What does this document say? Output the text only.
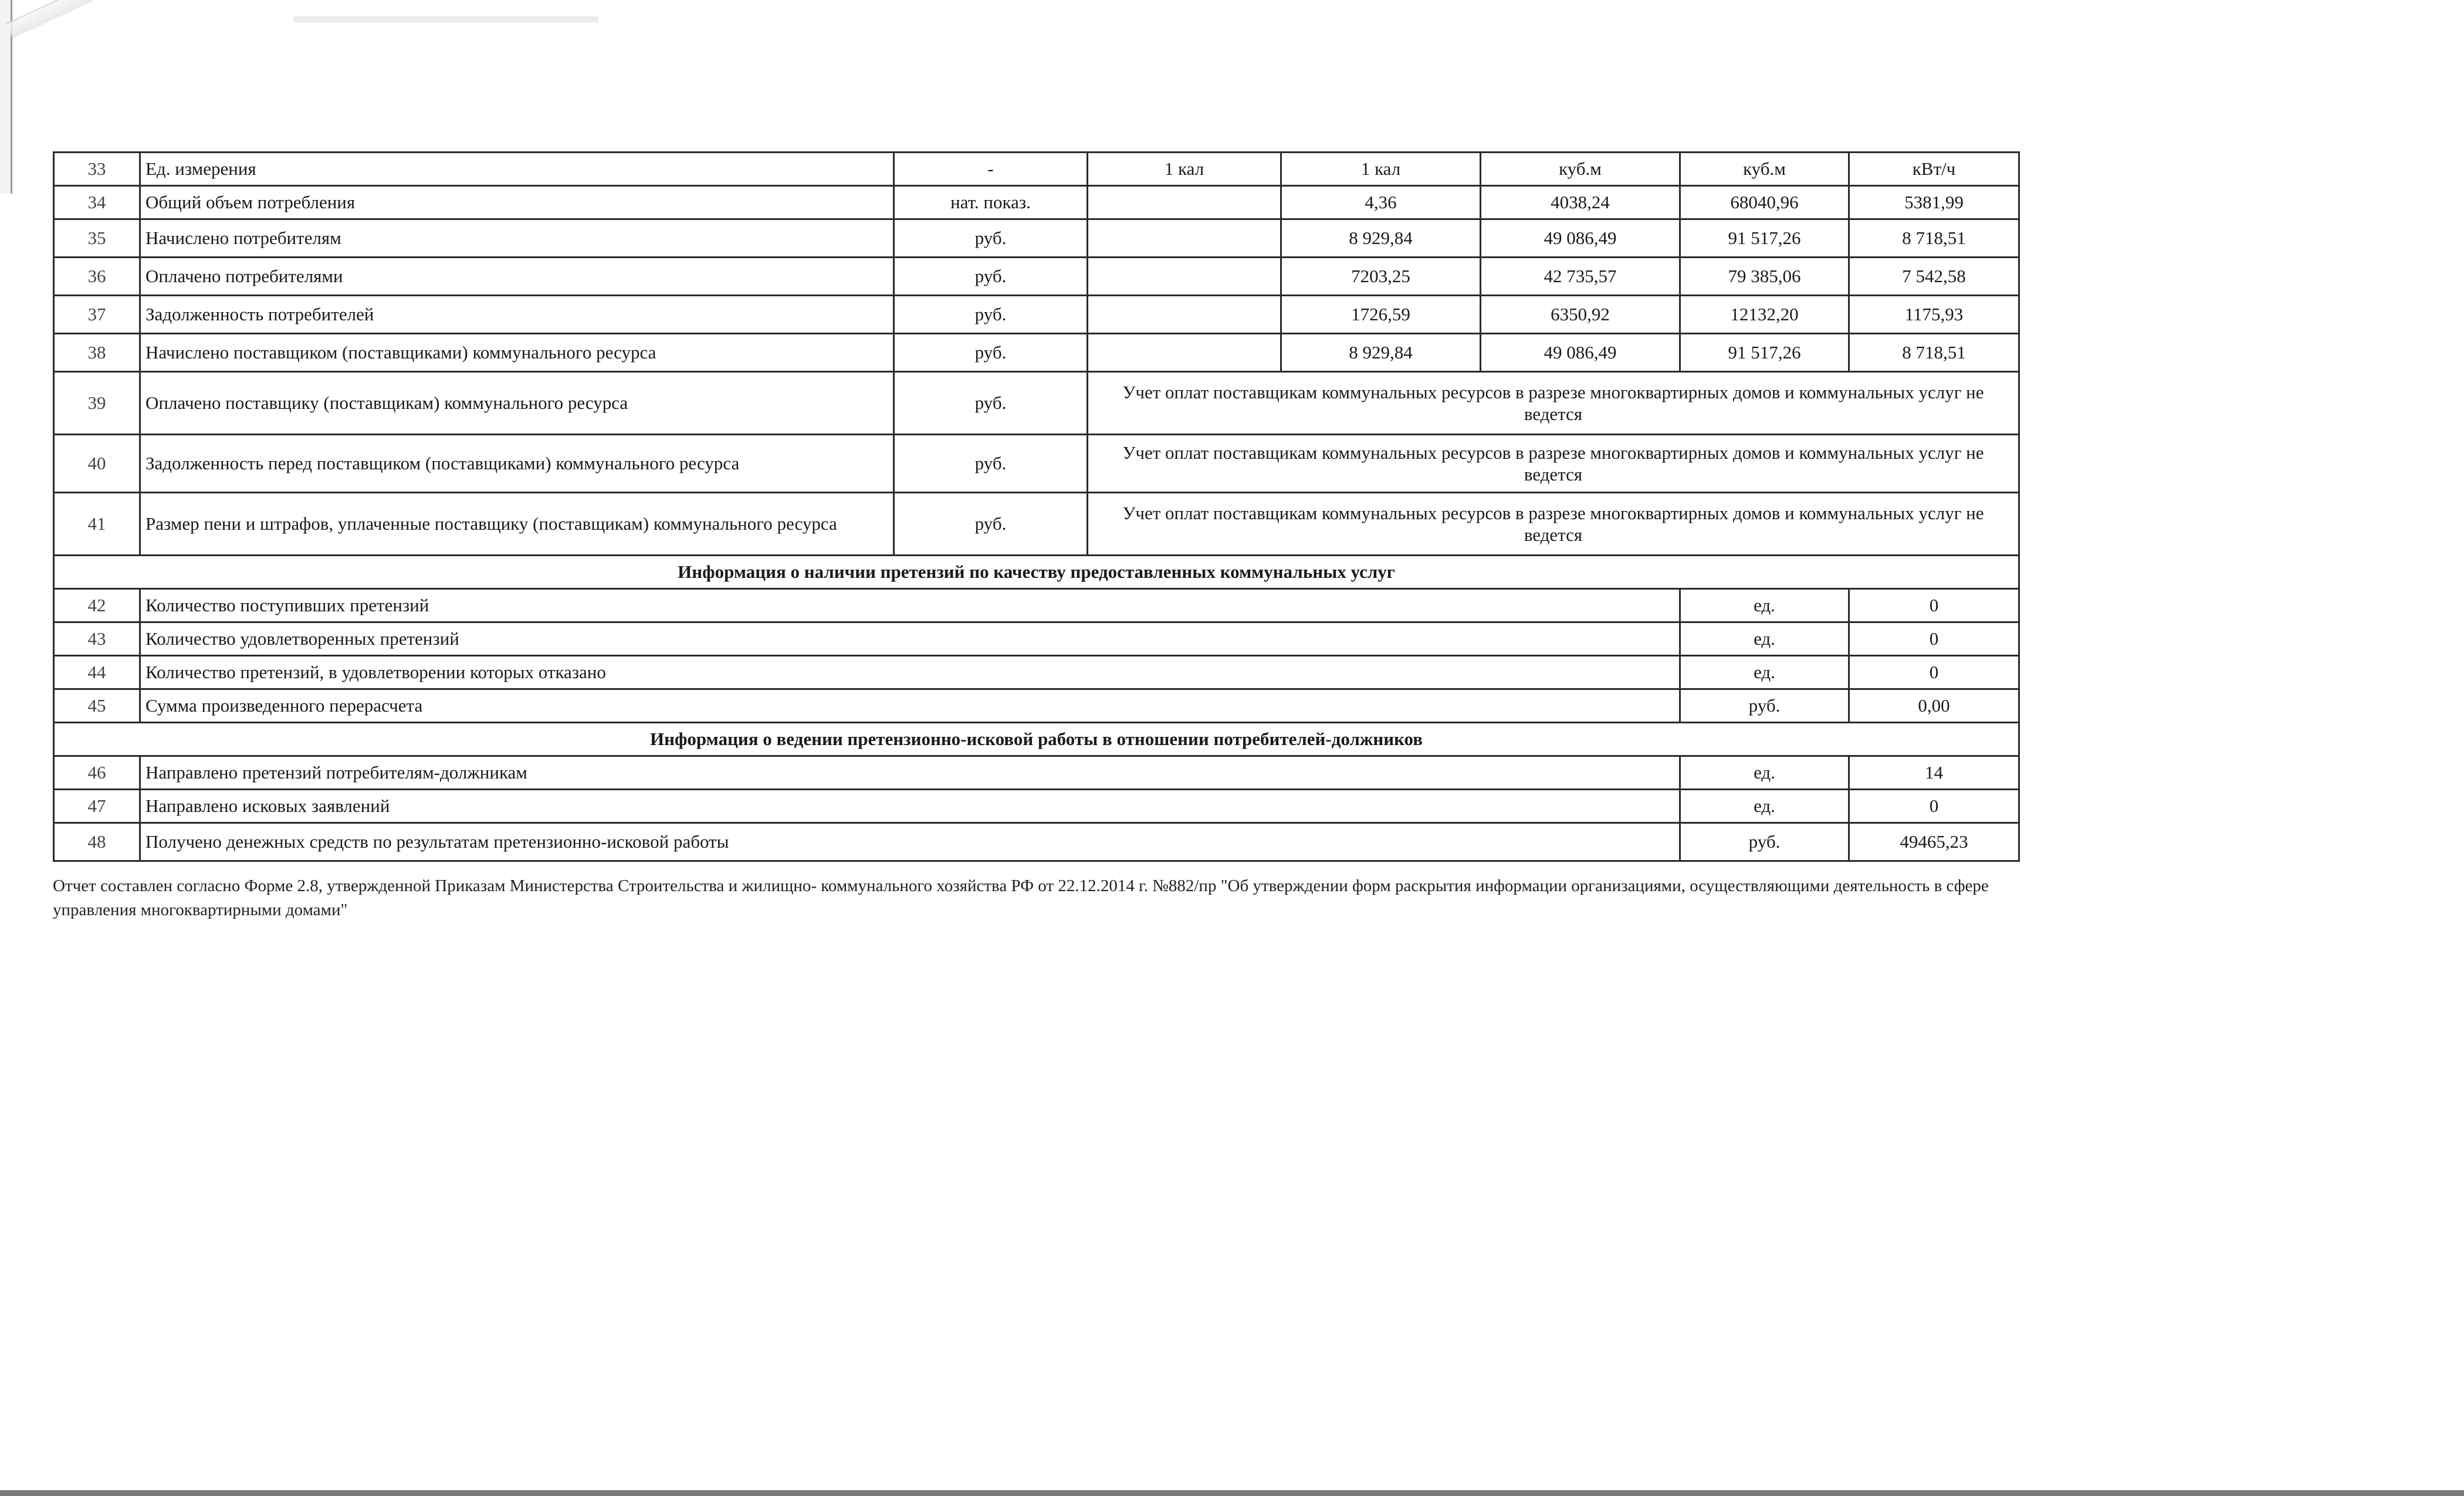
33	Ед. измерения	-	1 кал	1 кал	куб.м	куб.м	кВт/ч
34	Общий объем потребления	нат. показ.		4,36	4038,24	68040,96	5381,99
35	Начислено потребителям	руб.		8 929,84	49 086,49	91 517,26	8 718,51
36	Оплачено потребителями	руб.		7203,25	42 735,57	79 385,06	7 542,58
37	Задолженность потребителей	руб.		1726,59	6350,92	12132,20	1175,93
38	Начислено поставщиком (поставщиками) коммунального ресурса	руб.		8 929,84	49 086,49	91 517,26	8 718,51
39	Оплачено поставщику (поставщикам) коммунального ресурса	руб.	Учет оплат поставщикам коммунальных ресурсов в разрезе многоквартирных домов и коммунальных услуг не ведется				
40	Задолженность перед поставщиком (поставщиками) коммунального ресурса	руб.	Учет оплат поставщикам коммунальных ресурсов в разрезе многоквартирных домов и коммунальных услуг не ведется				
41	Размер пени и штрафов, уплаченные поставщику (поставщикам) коммунального ресурса	руб.	Учет оплат поставщикам коммунальных ресурсов в разрезе многоквартирных домов и коммунальных услуг не ведется				
Информация о наличии претензий по качеству предоставленных коммунальных услуг							
42	Количество поступивших претензий					ед.	0
43	Количество удовлетворенных претензий					ед.	0
44	Количество претензий, в удовлетворении которых отказано					ед.	0
45	Сумма произведенного перерасчета					руб.	0,00
Информация о ведении претензионно-исковой работы в отношении потребителей-должников							
46	Направлено претензий потребителям-должникам					ед.	14
47	Направлено исковых заявлений					ед.	0
48	Получено денежных средств по результатам претензионно-исковой работы					руб.	49465,23
Отчет составлен согласно Форме 2.8, утвержденной Приказам Министерства Строительства и жилищно- коммунального хозяйства РФ от 22.12.2014 г. №882/пр "Об утверждении форм раскрытия информации организациями, осуществляющими деятельность в сфере управления многоквартирными домами"
